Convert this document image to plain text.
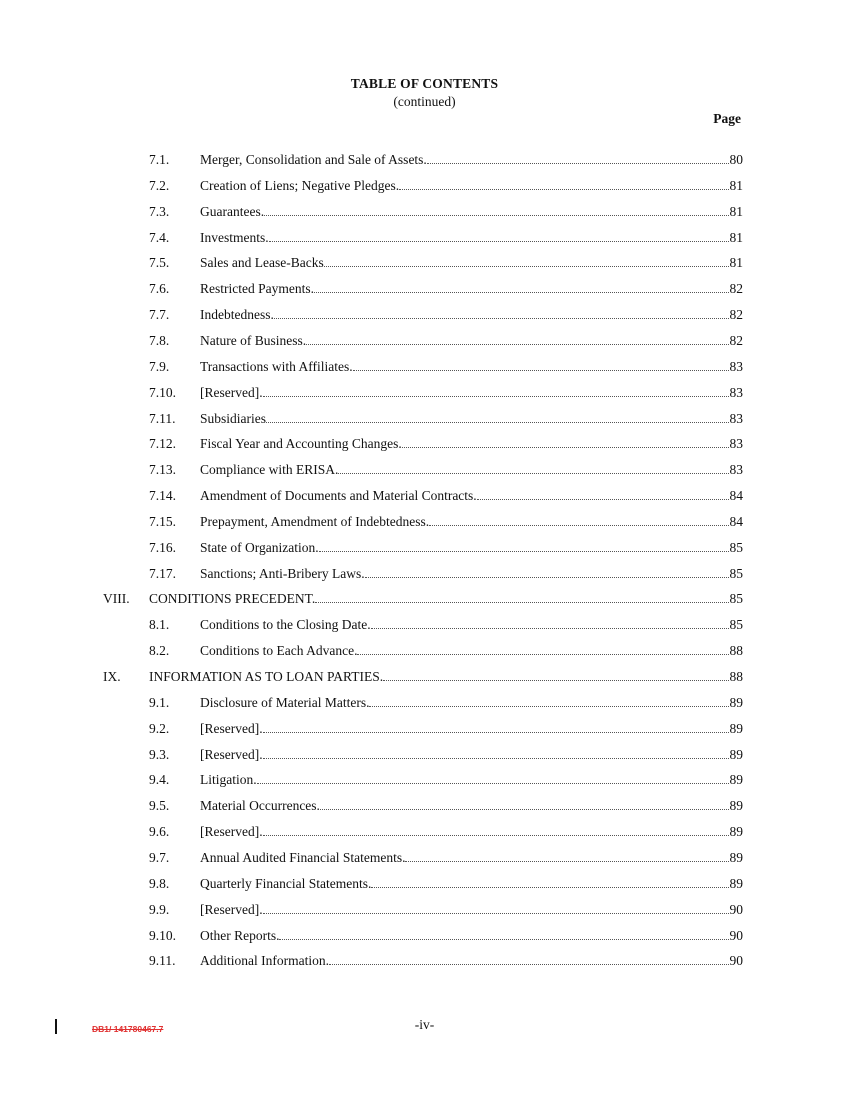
TABLE OF CONTENTS
(continued)
Page
7.1. Merger, Consolidation and Sale of Assets.	80
7.2. Creation of Liens; Negative Pledges.	81
7.3. Guarantees.	81
7.4. Investments.	81
7.5. Sales and Lease-Backs	81
7.6. Restricted Payments.	82
7.7. Indebtedness.	82
7.8. Nature of Business.	82
7.9. Transactions with Affiliates.	83
7.10. [Reserved].	83
7.11. Subsidiaries	83
7.12. Fiscal Year and Accounting Changes.	83
7.13. Compliance with ERISA.	83
7.14. Amendment of Documents and Material Contracts.	84
7.15. Prepayment, Amendment of Indebtedness.	84
7.16. State of Organization.	85
7.17. Sanctions; Anti-Bribery Laws.	85
VIII. CONDITIONS PRECEDENT.	85
8.1. Conditions to the Closing Date.	85
8.2. Conditions to Each Advance.	88
IX. INFORMATION AS TO LOAN PARTIES.	88
9.1. Disclosure of Material Matters.	89
9.2. [Reserved].	89
9.3. [Reserved].	89
9.4. Litigation.	89
9.5. Material Occurrences.	89
9.6. [Reserved].	89
9.7. Annual Audited Financial Statements.	89
9.8. Quarterly Financial Statements.	89
9.9. [Reserved].	90
9.10. Other Reports.	90
9.11. Additional Information.	90
-iv-
DB1/ 141780467.7
